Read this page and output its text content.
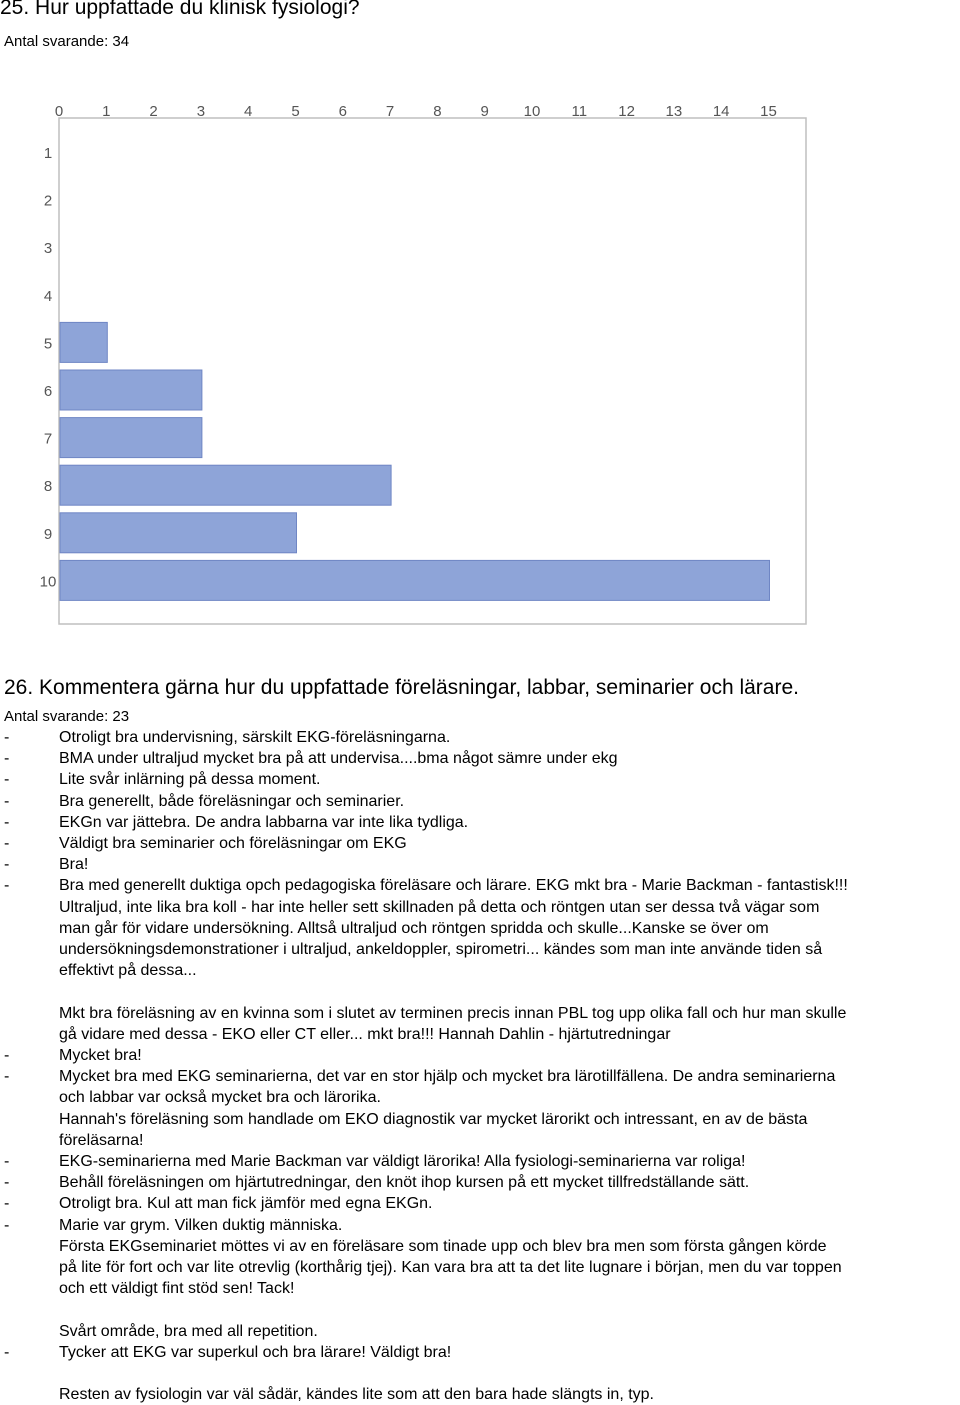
25. Hur uppfattade du klinisk fysiologi?
Antal svarande: 34
0	1	2	3	4	5	6	7	8	9 10 11 12 13 14 15
1
2
3
4
5
6
7
8
9
10
26. Kommentera gärna hur du uppfattade föreläsningar, labbar, seminarier och lärare.
Antal svarande: 23
-	Otroligt bra undervisning, särskilt EKG-föreläsningarna.
-	BMA under ultraljud mycket bra på att undervisa....bma något sämre under ekg
-	Lite svår inlärning på dessa moment.
-	Bra generellt, både föreläsningar och seminarier.
-	EKGn var jättebra. De andra labbarna var inte lika tydliga.
-	Väldigt bra seminarier och föreläsningar om EKG
-	Bra!
-	Bra med generellt duktiga opch pedagogiska föreläsare och lärare. EKG mkt bra - Marie Backman - fantastisk!!!
Ultraljud, inte lika bra koll - har inte heller sett skillnaden på detta och röntgen utan ser dessa två vägar som
man går för vidare undersökning. Alltså ultraljud och röntgen spridda och skulle...Kanske se över om
undersökningsdemonstrationer i ultraljud, ankeldoppler, spirometri... kändes som man inte använde tiden så
effektivt på dessa...
Mkt bra föreläsning av en kvinna som i slutet av terminen precis innan PBL tog upp olika fall och hur man skulle
gå vidare med dessa - EKO eller CT eller... mkt bra!!! Hannah Dahlin - hjärtutredningar
-	Mycket bra!
-	Mycket bra med EKG seminarierna, det var en stor hjälp och mycket bra lärotillfällena. De andra seminarierna
och labbar var också mycket bra och lärorika.
Hannah's föreläsning som handlade om EKO diagnostik var mycket lärorikt och intressant, en av de bästa
föreläsarna!
-	EKG-seminarierna med Marie Backman var väldigt lärorika! Alla fysiologi-seminarierna var roliga!
-	Behåll föreläsningen om hjärtutredningar, den knöt ihop kursen på ett mycket tillfredställande sätt.
-	Otroligt bra. Kul att man fick jämför med egna EKGn.
-	Marie var grym. Vilken duktig människa.
Första EKGseminariet möttes vi av en föreläsare som tinade upp och blev bra men som första gången körde
på lite för fort och var lite otrevlig (korthårig tjej). Kan vara bra att ta det lite lugnare i början, men du var toppen
och ett väldigt fint stöd sen! Tack!
Svårt område, bra med all repetition.
-	Tycker att EKG var superkul och bra lärare! Väldigt bra!
Resten av fysiologin var väl sådär, kändes lite som att den bara hade slängts in, typ.
